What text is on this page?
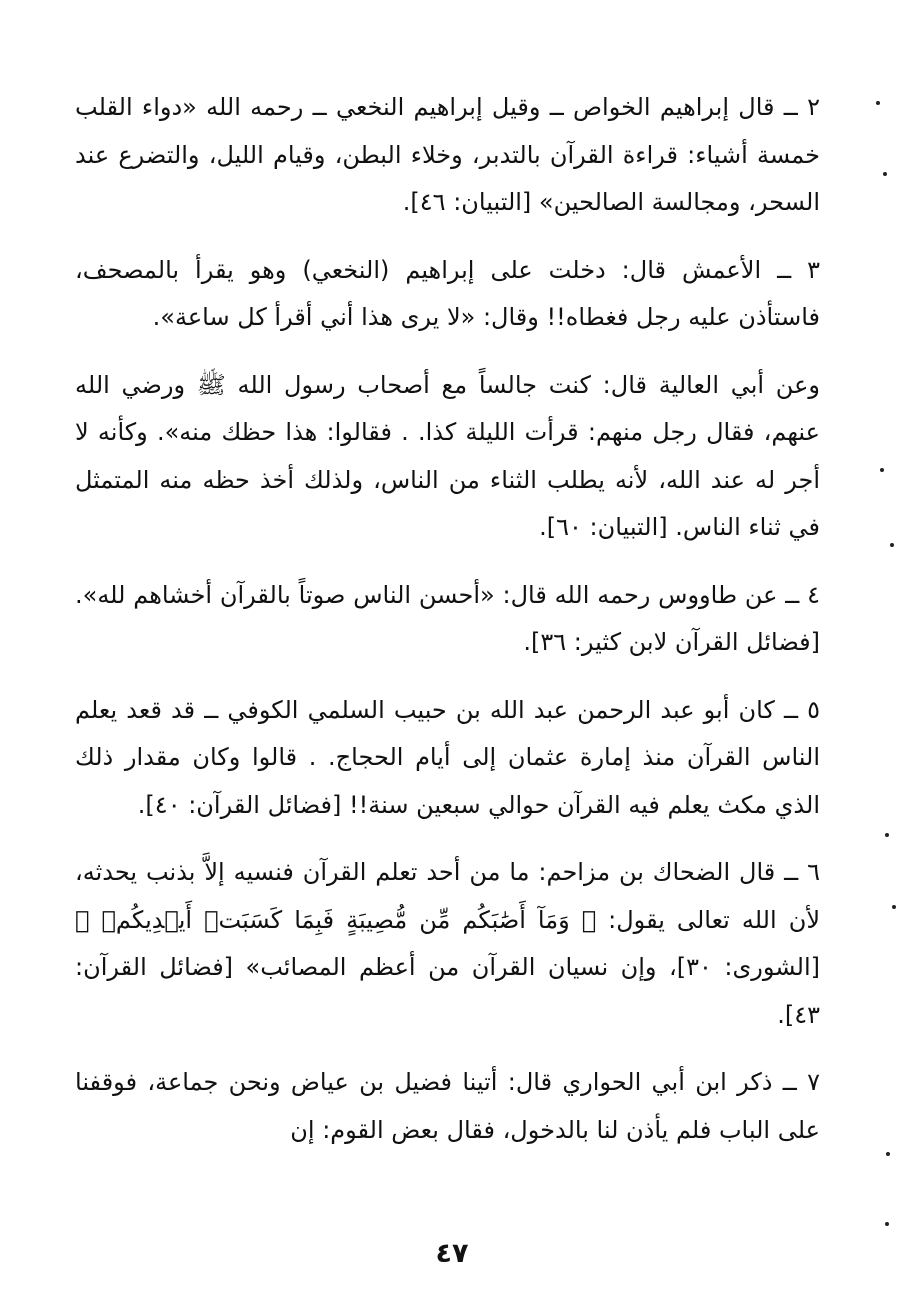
٢ ــ قال إبراهيم الخواص ــ وقيل إبراهيم النخعي ــ رحمه الله «دواء القلب خمسة أشياء: قراءة القرآن بالتدبر، وخلاء البطن، وقيام الليل، والتضرع عند السحر، ومجالسة الصالحين» [التبيان: ٤٦].

٣ ــ الأعمش قال: دخلت على إبراهيم (النخعي) وهو يقرأ بالمصحف، فاستأذن عليه رجل فغطاه!! وقال: «لا يرى هذا أني أقرأ كل ساعة».

وعن أبي العالية قال: كنت جالساً مع أصحاب رسول الله ﷺ ورضي الله عنهم، فقال رجل منهم: قرأت الليلة كذا. . فقالوا: هذا حظك منه». وكأنه لا أجر له عند الله، لأنه يطلب الثناء من الناس، ولذلك أخذ حظه منه المتمثل في ثناء الناس. [التبيان: ٦٠].

٤ ــ عن طاووس رحمه الله قال: «أحسن الناس صوتاً بالقرآن أخشاهم لله». [فضائل القرآن لابن كثير: ٣٦].

٥ ــ كان أبو عبد الرحمن عبد الله بن حبيب السلمي الكوفي ــ قد قعد يعلم الناس القرآن منذ إمارة عثمان إلى أيام الحجاج. . قالوا وكان مقدار ذلك الذي مكث يعلم فيه القرآن حوالي سبعين سنة!! [فضائل القرآن: ٤٠].

٦ ــ قال الضحاك بن مزاحم: ما من أحد تعلم القرآن فنسيه إلاَّ بذنب يحدثه، لأن الله تعالى يقول: ﴿ وَمَآ أَصَٰبَكُم مِّن مُّصِيبَةٍ فَبِمَا كَسَبَتۡ أَيۡدِيكُمۡ ﴾ [الشورى: ٣٠]، وإن نسيان القرآن من أعظم المصائب» [فضائل القرآن: ٤٣].

٧ ــ ذكر ابن أبي الحواري قال: أتينا فضيل بن عياض ونحن جماعة، فوقفنا على الباب فلم يأذن لنا بالدخول، فقال بعض القوم: إن

٤٧
